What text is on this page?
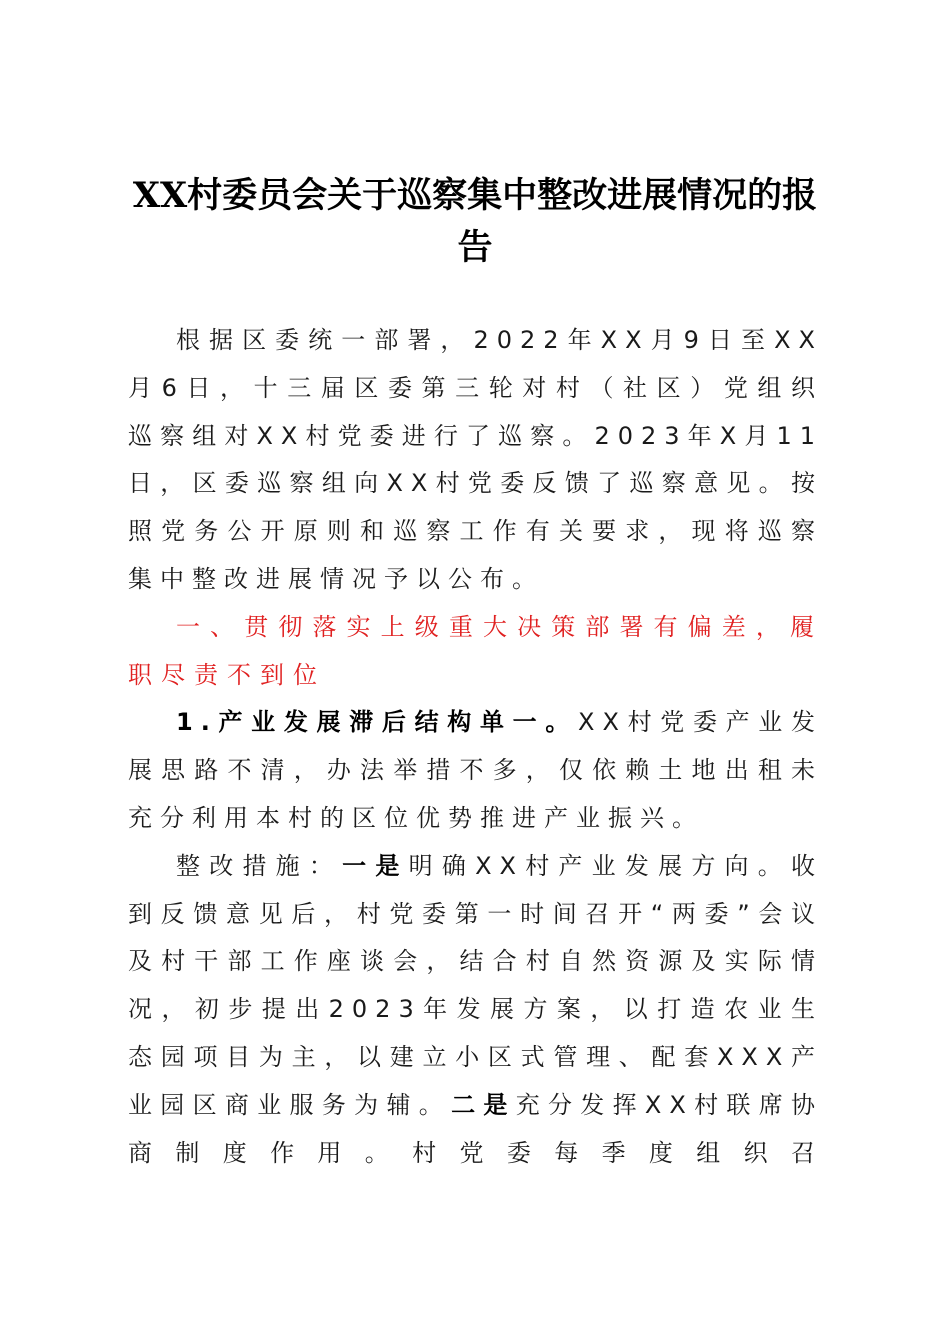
XX村委员会关于巡察集中整改进展情况的报告

根据区委统一部署，2022年XX月9日至XX月6日，十三届区委第三轮对村（社区）党组织巡察组对XX村党委进行了巡察。2023年X月11日，区委巡察组向XX村党委反馈了巡察意见。按照党务公开原则和巡察工作有关要求，现将巡察集中整改进展情况予以公布。

一、贯彻落实上级重大决策部署有偏差，履职尽责不到位

1.产业发展滞后结构单一。XX村党委产业发展思路不清，办法举措不多，仅依赖土地出租未充分利用本村的区位优势推进产业振兴。

整改措施：一是明确XX村产业发展方向。收到反馈意见后，村党委第一时间召开“两委”会议及村干部工作座谈会，结合村自然资源及实际情况，初步提出2023年发展方案，以打造农业生态园项目为主，以建立小区式管理、配套XXX产业园区商业服务为辅。二是充分发挥XX村联席协商制度作用。村党委每季度组织召
